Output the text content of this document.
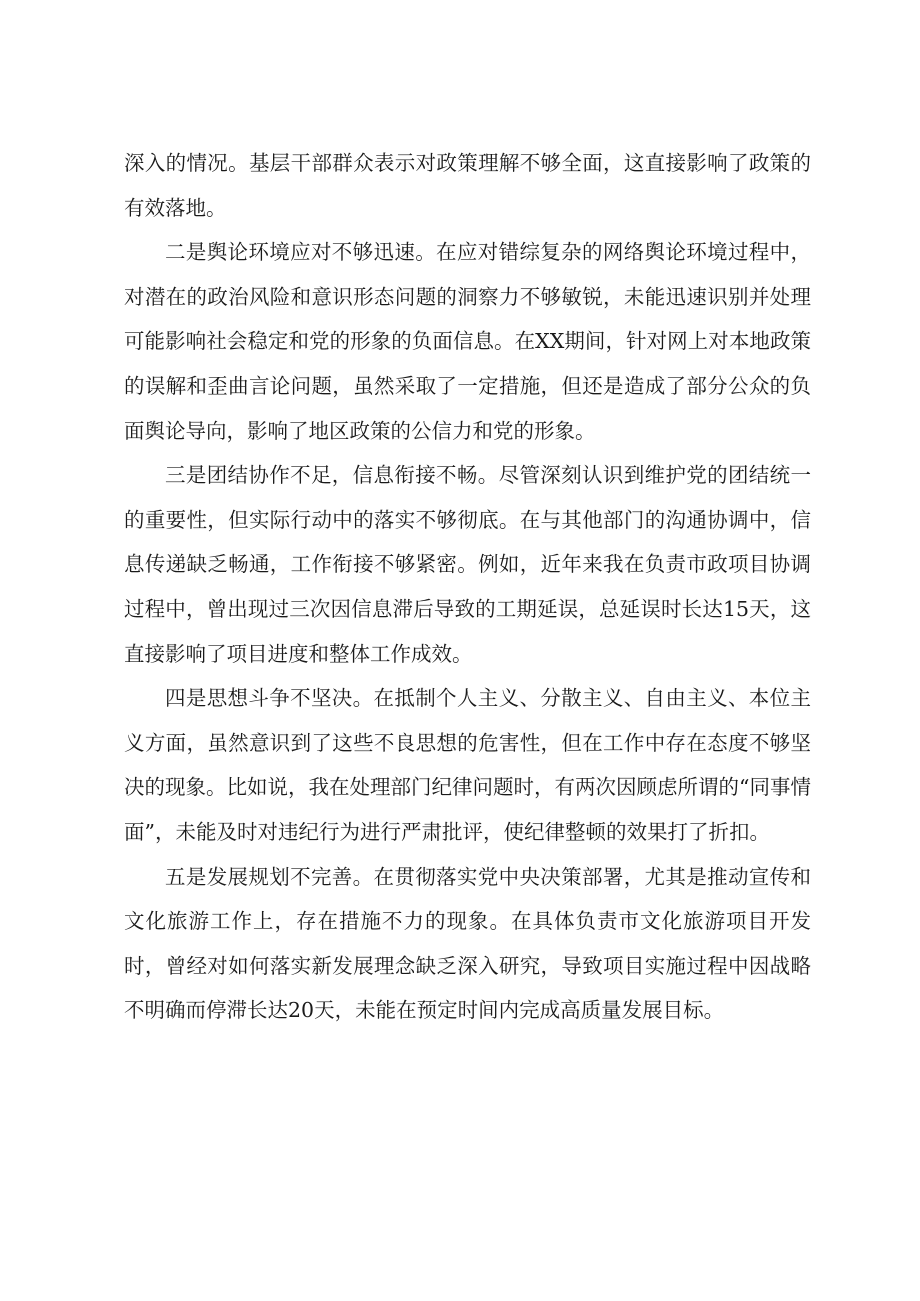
深入的情况。基层干部群众表示对政策理解不够全面，这直接影响了政策的有效落地。

二是舆论环境应对不够迅速。在应对错综复杂的网络舆论环境过程中，对潜在的政治风险和意识形态问题的洞察力不够敏锐，未能迅速识别并处理可能影响社会稳定和党的形象的负面信息。在XX期间，针对网上对本地政策的误解和歪曲言论问题，虽然采取了一定措施，但还是造成了部分公众的负面舆论导向，影响了地区政策的公信力和党的形象。

三是团结协作不足，信息衔接不畅。尽管深刻认识到维护党的团结统一的重要性，但实际行动中的落实不够彻底。在与其他部门的沟通协调中，信息传递缺乏畅通，工作衔接不够紧密。例如，近年来我在负责市政项目协调过程中，曾出现过三次因信息滞后导致的工期延误，总延误时长达15天，这直接影响了项目进度和整体工作成效。

四是思想斗争不坚决。在抵制个人主义、分散主义、自由主义、本位主义方面，虽然意识到了这些不良思想的危害性，但在工作中存在态度不够坚决的现象。比如说，我在处理部门纪律问题时，有两次因顾虑所谓的“同事情面”，未能及时对违纪行为进行严肃批评，使纪律整顿的效果打了折扣。

五是发展规划不完善。在贯彻落实党中央决策部署，尤其是推动宣传和文化旅游工作上，存在措施不力的现象。在具体负责市文化旅游项目开发时，曾经对如何落实新发展理念缺乏深入研究，导致项目实施过程中因战略不明确而停滞长达20天，未能在预定时间内完成高质量发展目标。
